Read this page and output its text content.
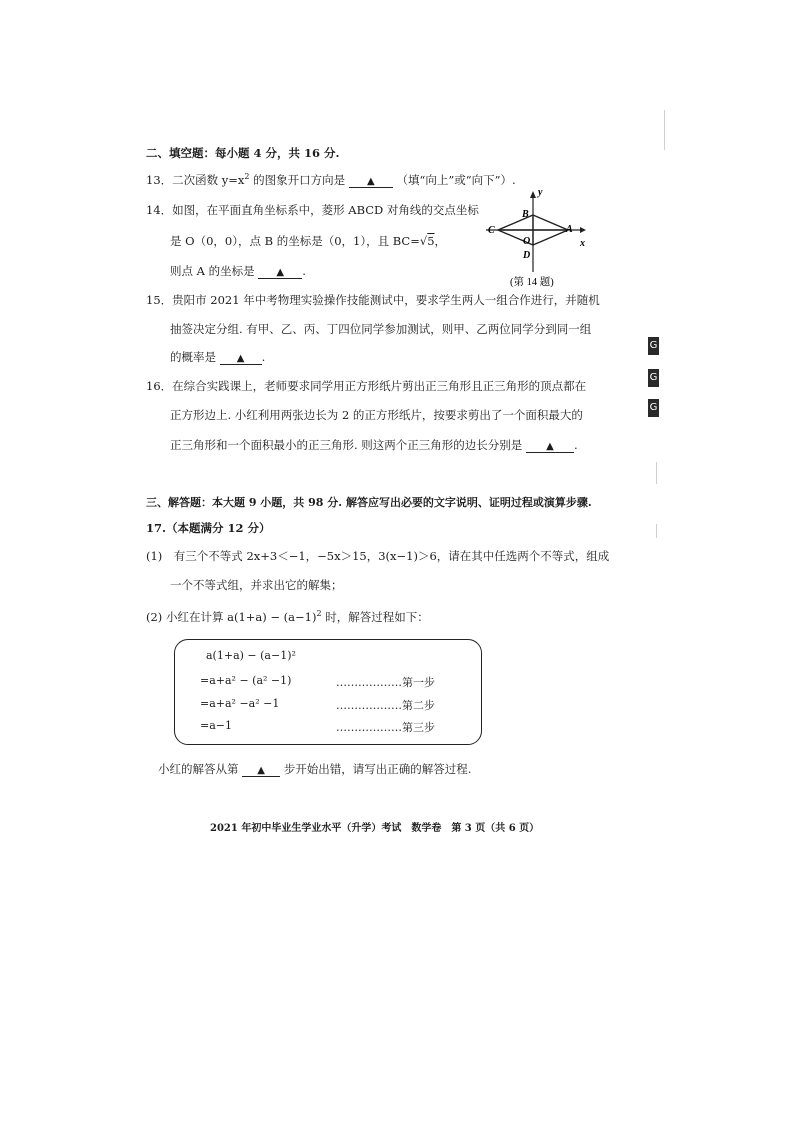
二、填空题：每小题 4 分，共 16 分.
13．二次函数 $y=x^2$ 的图象开口方向是 ▲ （填“向上”或“向下”）.
14．如图，在平面直角坐标系中，菱形 ABCD 对角线的交点坐标
是 O（0，0），点 B 的坐标是（0，1），且 BC=√5，
则点 A 的坐标是 ▲ .
y
x
B
C
O
A
D
(第 14 题)
15．贵阳市 2021 年中考物理实验操作技能测试中，要求学生两人一组合作进行，并随机
抽签决定分组. 有甲、乙、丙、丁四位同学参加测试，则甲、乙两位同学分到同一组
的概率是 ▲ .
16．在综合实践课上，老师要求同学用正方形纸片剪出正三角形且正三角形的顶点都在
正方形边上. 小红利用两张边长为 2 的正方形纸片，按要求剪出了一个面积最大的
正三角形和一个面积最小的正三角形. 则这两个正三角形的边长分别是 ▲ .
三、解答题：本大题 9 小题，共 98 分. 解答应写出必要的文字说明、证明过程或演算步骤.
17.（本题满分 12 分）
(1)　有三个不等式 2x+3＜−1，−5x＞15，3(x−1)＞6，请在其中任选两个不等式，组成
一个不等式组，并求出它的解集；
(2) 小红在计算 $a(1+a) - (a-1)^2$ 时，解答过程如下：
a(1+a) − (a−1)²
=a+a² − (a² −1)	………………第一步
=a+a² −a² −1	………………第二步
=a−1	………………第三步
小红的解答从第 ▲ 步开始出错，请写出正确的解答过程.
2021 年初中毕业生学业水平（升学）考试　数学卷　第 3 页（共 6 页）
G
G
G
